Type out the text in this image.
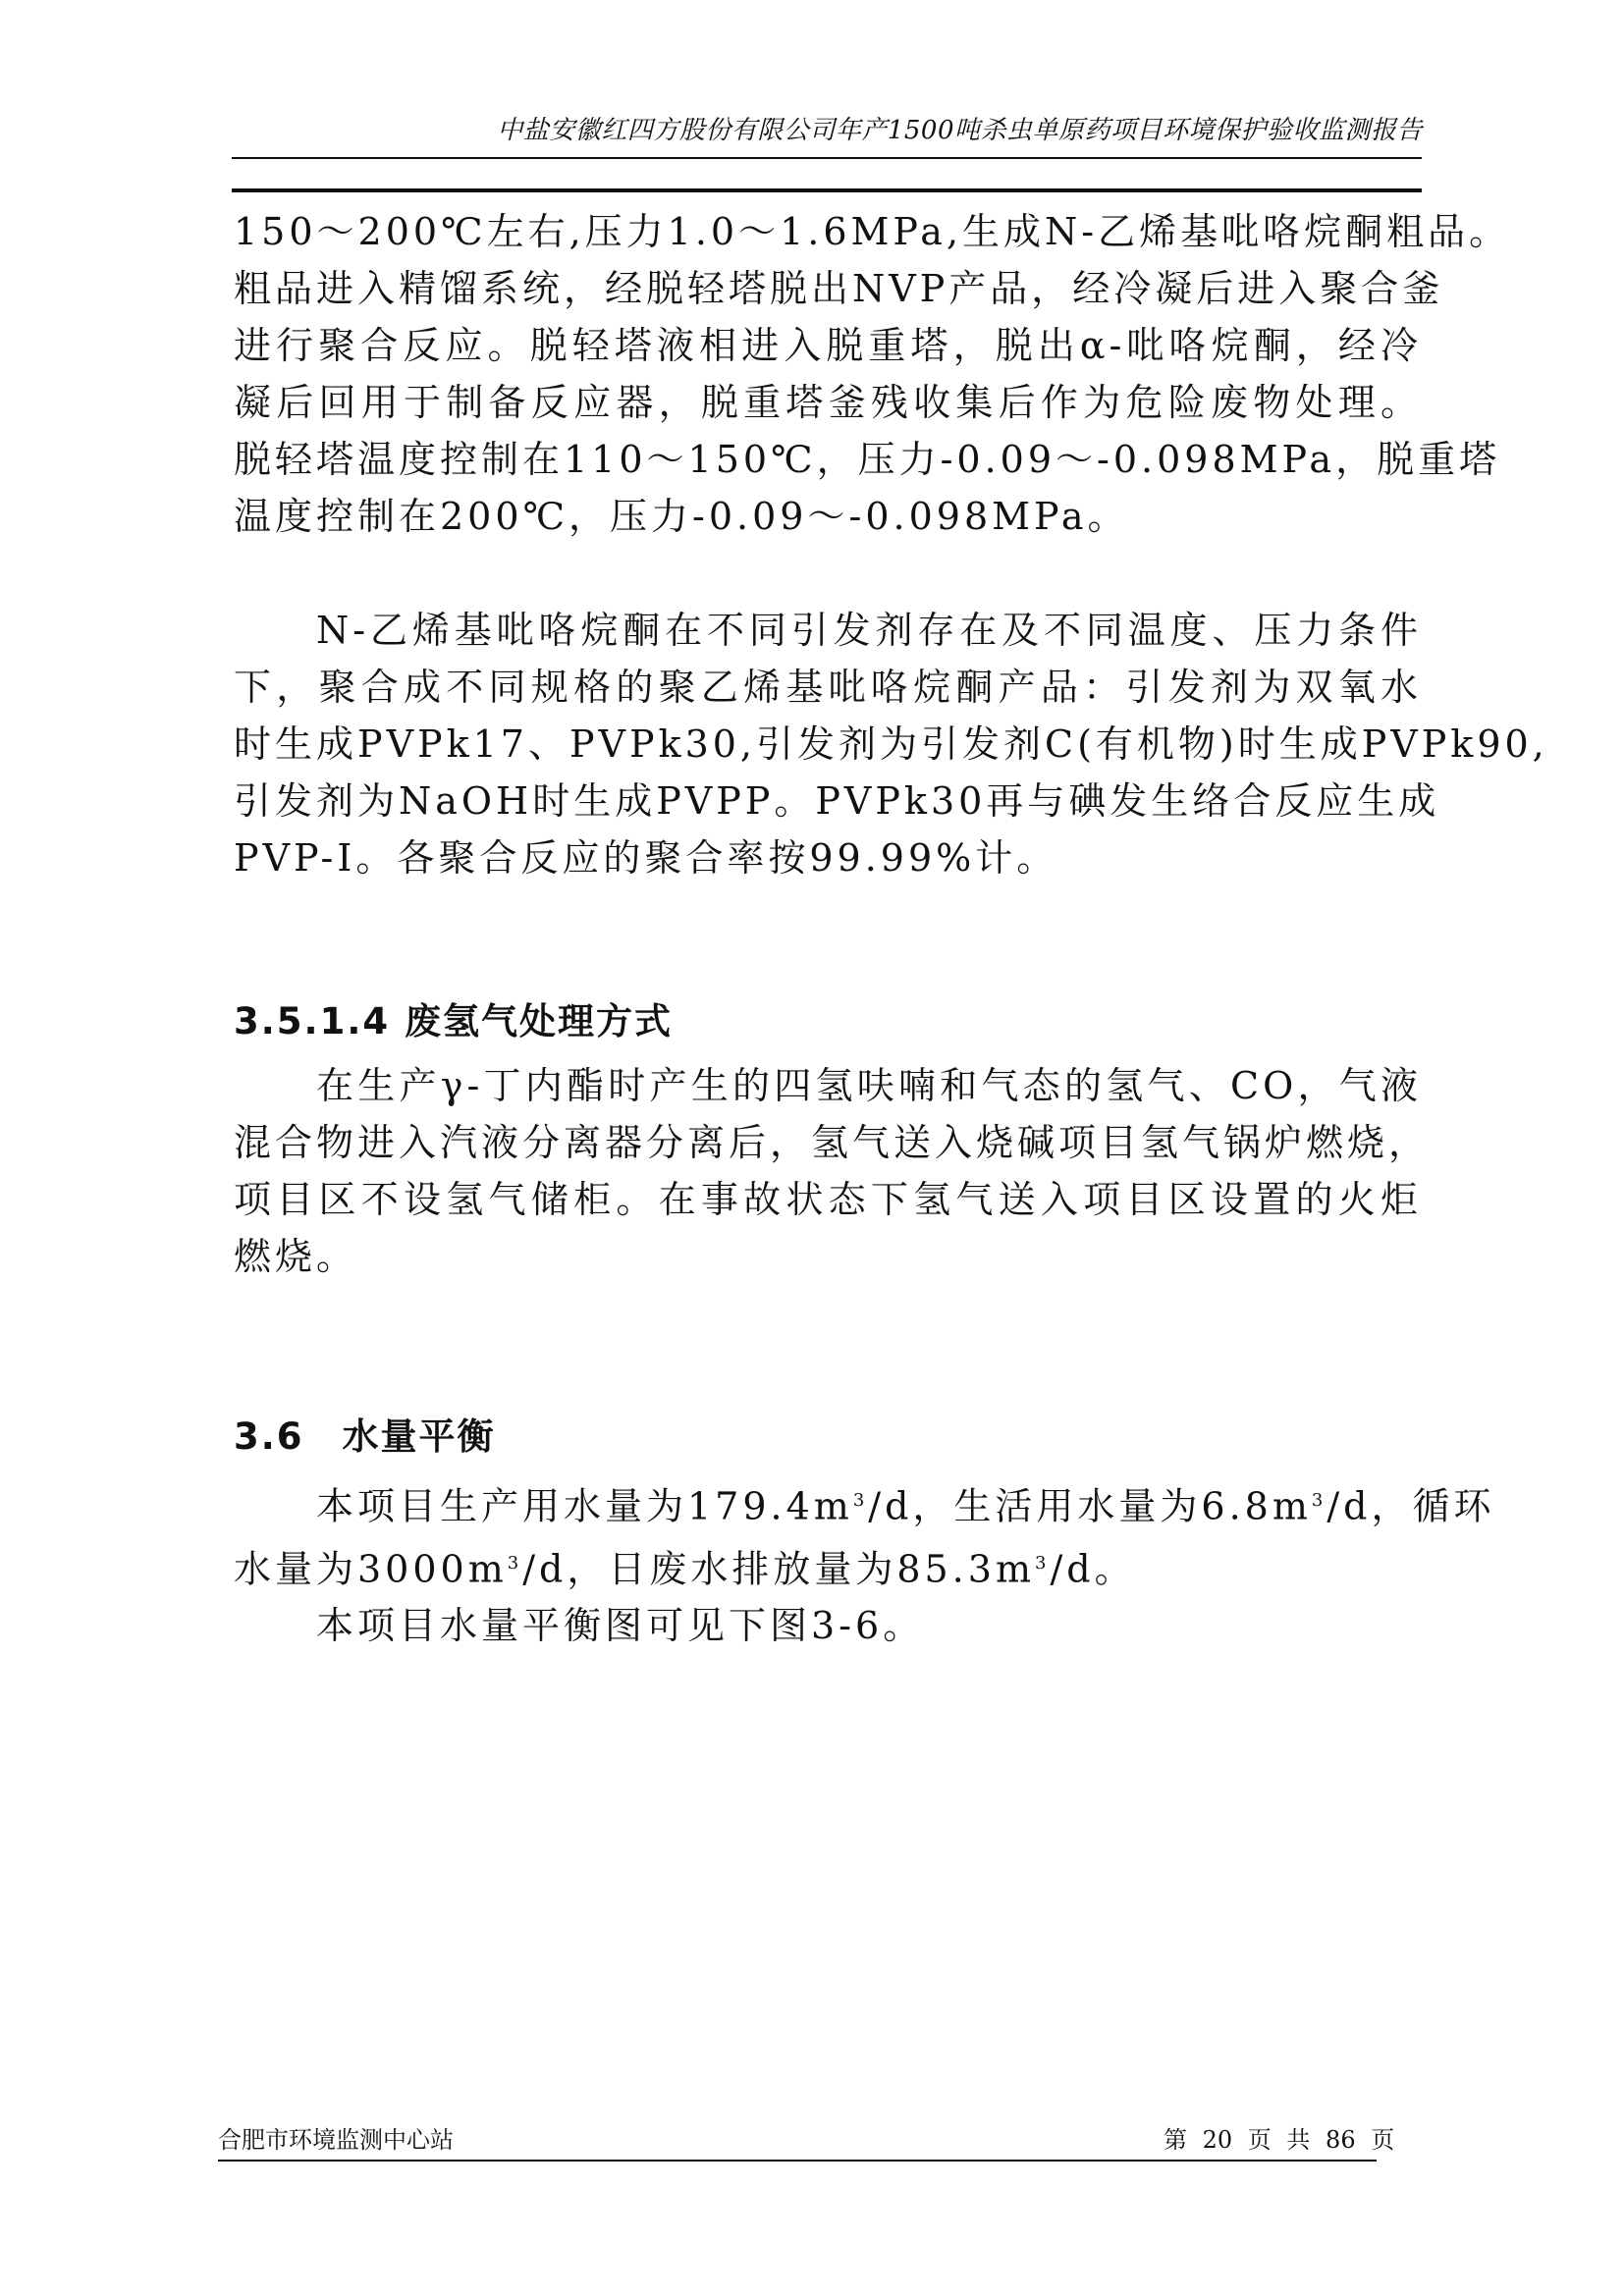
中盐安徽红四方股份有限公司年产1500吨杀虫单原药项目环境保护验收监测报告
150～200℃左右,压力1.0～1.6MPa,生成N-乙烯基吡咯烷酮粗品。
粗品进入精馏系统，经脱轻塔脱出NVP产品，经冷凝后进入聚合釜
进行聚合反应。脱轻塔液相进入脱重塔，脱出α-吡咯烷酮，经冷
凝后回用于制备反应器，脱重塔釜残收集后作为危险废物处理。
脱轻塔温度控制在110～150℃，压力-0.09～-0.098MPa，脱重塔
温度控制在200℃，压力-0.09～-0.098MPa。
N-乙烯基吡咯烷酮在不同引发剂存在及不同温度、压力条件
下，聚合成不同规格的聚乙烯基吡咯烷酮产品：引发剂为双氧水
时生成PVPk17、PVPk30,引发剂为引发剂C(有机物)时生成PVPk90,
引发剂为NaOH时生成PVPP。PVPk30再与碘发生络合反应生成
PVP-I。各聚合反应的聚合率按99.99%计。
3.5.1.4 废氢气处理方式
在生产γ-丁内酯时产生的四氢呋喃和气态的氢气、CO，气液
混合物进入汽液分离器分离后，氢气送入烧碱项目氢气锅炉燃烧，
项目区不设氢气储柜。在事故状态下氢气送入项目区设置的火炬
燃烧。
3.6　水量平衡
本项目生产用水量为$179.4m^3/d$，生活用水量为$6.8m^3/d$，循环
水量为$3000m^3/d$，日废水排放量为$85.3m^3/d$。
本项目水量平衡图可见下图3-6。
合肥市环境监测中心站	第 20 页 共 86 页
